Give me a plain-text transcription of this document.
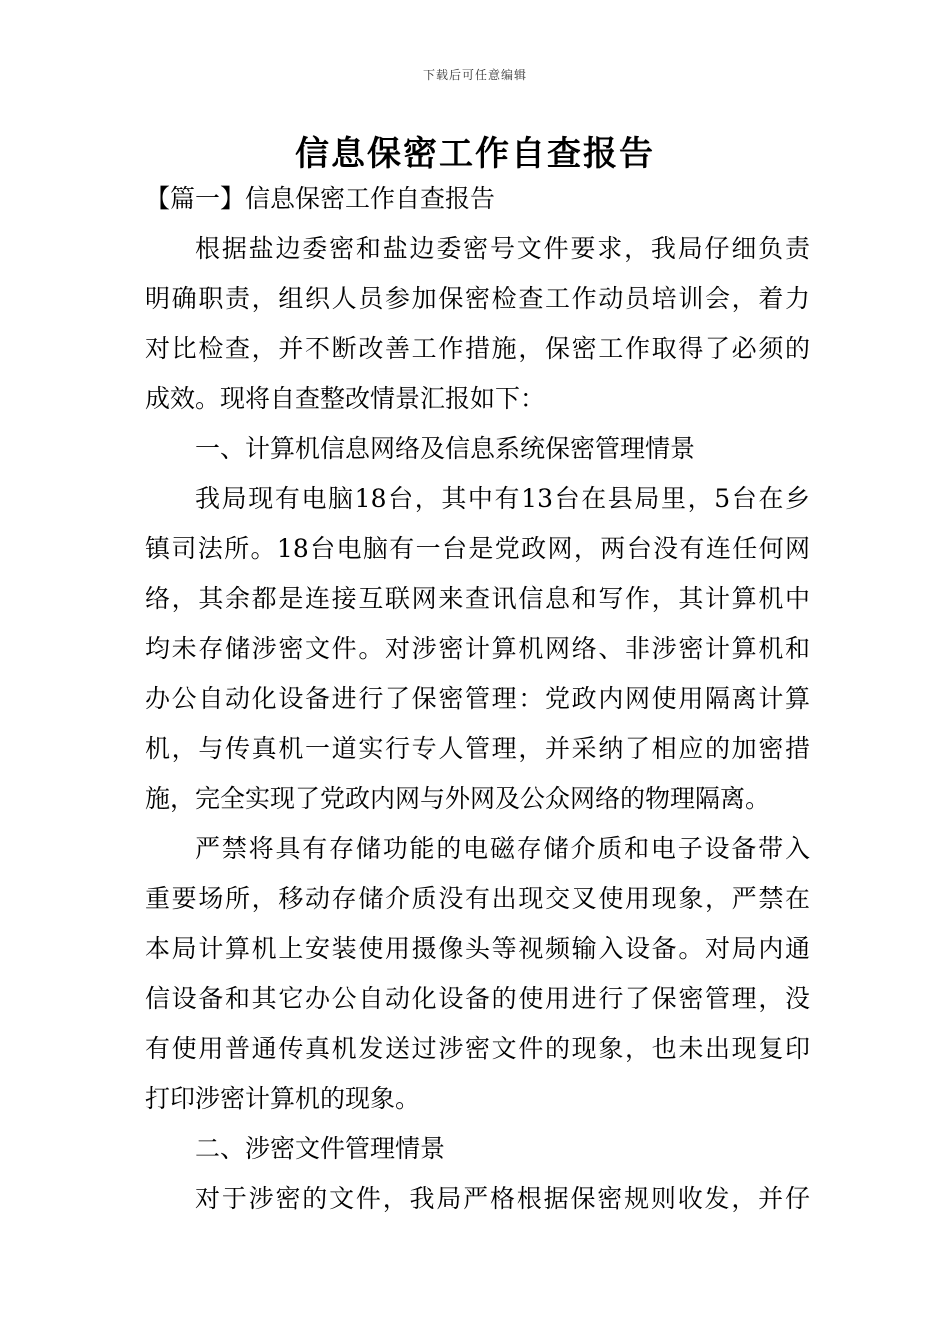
下载后可任意编辑
信息保密工作自查报告
【篇一】信息保密工作自查报告
根据盐边委密和盐边委密号文件要求，我局仔细负责
明确职责，组织人员参加保密检查工作动员培训会，着力
对比检查，并不断改善工作措施，保密工作取得了必须的
成效。现将自查整改情景汇报如下：
一、计算机信息网络及信息系统保密管理情景
我局现有电脑18台，其中有13台在县局里，5台在乡
镇司法所。18台电脑有一台是党政网，两台没有连任何网
络，其余都是连接互联网来查讯信息和写作，其计算机中
均未存储涉密文件。对涉密计算机网络、非涉密计算机和
办公自动化设备进行了保密管理：党政内网使用隔离计算
机，与传真机一道实行专人管理，并采纳了相应的加密措
施，完全实现了党政内网与外网及公众网络的物理隔离。
严禁将具有存储功能的电磁存储介质和电子设备带入
重要场所，移动存储介质没有出现交叉使用现象，严禁在
本局计算机上安装使用摄像头等视频输入设备。对局内通
信设备和其它办公自动化设备的使用进行了保密管理，没
有使用普通传真机发送过涉密文件的现象，也未出现复印
打印涉密计算机的现象。
二、涉密文件管理情景
对于涉密的文件，我局严格根据保密规则收发，并仔
